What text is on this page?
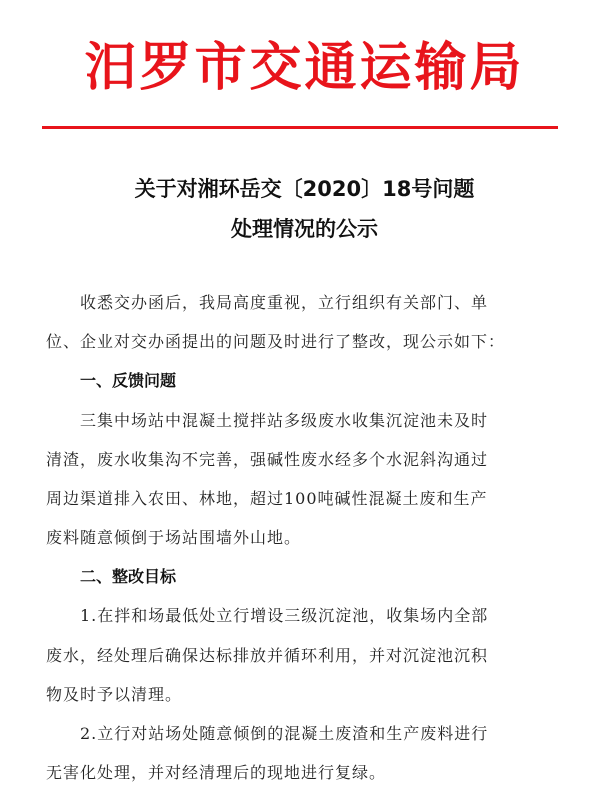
汨罗市交通运输局
关于对湘环岳交〔2020〕18号问题
处理情况的公示
收悉交办函后，我局高度重视，立行组织有关部门、单
位、企业对交办函提出的问题及时进行了整改，现公示如下：
一、反馈问题
三集中场站中混凝土搅拌站多级废水收集沉淀池未及时
清渣，废水收集沟不完善，强碱性废水经多个水泥斜沟通过
周边渠道排入农田、林地，超过100吨碱性混凝土废和生产
废料随意倾倒于场站围墙外山地。
二、整改目标
1.在拌和场最低处立行增设三级沉淀池，收集场内全部
废水，经处理后确保达标排放并循环利用，并对沉淀池沉积
物及时予以清理。
2.立行对站场处随意倾倒的混凝土废渣和生产废料进行
无害化处理，并对经清理后的现地进行复绿。
